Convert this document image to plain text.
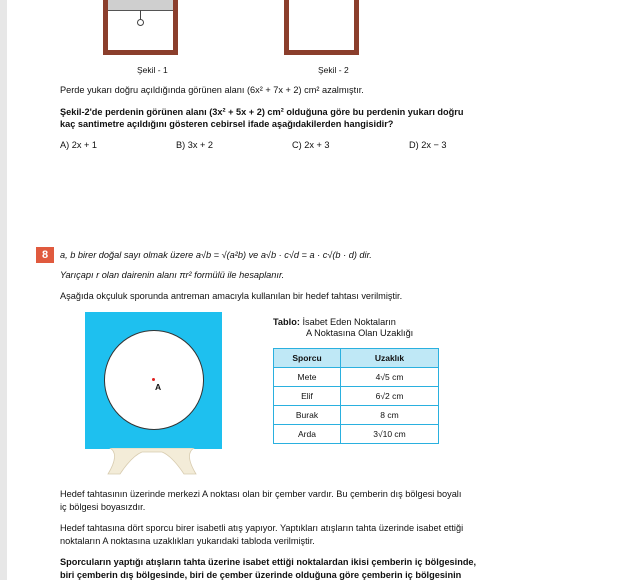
Şekil - 1	Şekil - 2
Perde yukarı doğru açıldığında görünen alanı (6x² + 7x + 2) cm² azalmıştır.
Şekil-2'de perdenin görünen alanı (3x² + 5x + 2) cm² olduğuna göre bu perdenin yukarı doğru
kaç santimetre açıldığını gösteren cebirsel ifade aşağıdakilerden hangisidir?
A) 2x + 1	B) 3x + 2	C) 2x + 3	D) 2x − 3
8	a, b birer doğal sayı olmak üzere a√b = √(a²b) ve a√b · c√d = a · c√(b · d) dir.
Yarıçapı r olan dairenin alanı πr² formülü ile hesaplanır.
Aşağıda okçuluk sporunda antreman amacıyla kullanılan bir hedef tahtası verilmiştir.
A
Tablo: İsabet Eden Noktaların
A Noktasına Olan Uzaklığı
Sporcu	Uzaklık
Mete	4√5 cm
Elif	6√2 cm
Burak	8 cm
Arda	3√10 cm
Hedef tahtasının üzerinde merkezi A noktası olan bir çember vardır. Bu çemberin dış bölgesi boyalı
iç bölgesi boyasızdır.
Hedef tahtasına dört sporcu birer isabetli atış yapıyor. Yaptıkları atışların tahta üzerinde isabet ettiği
noktaların A noktasına uzaklıkları yukarıdaki tabloda verilmiştir.
Sporcuların yaptığı atışların tahta üzerine isabet ettiği noktalardan ikisi çemberin iç bölgesinde,
biri çemberin dış bölgesinde, biri de çember üzerinde olduğuna göre çemberin iç bölgesinin
